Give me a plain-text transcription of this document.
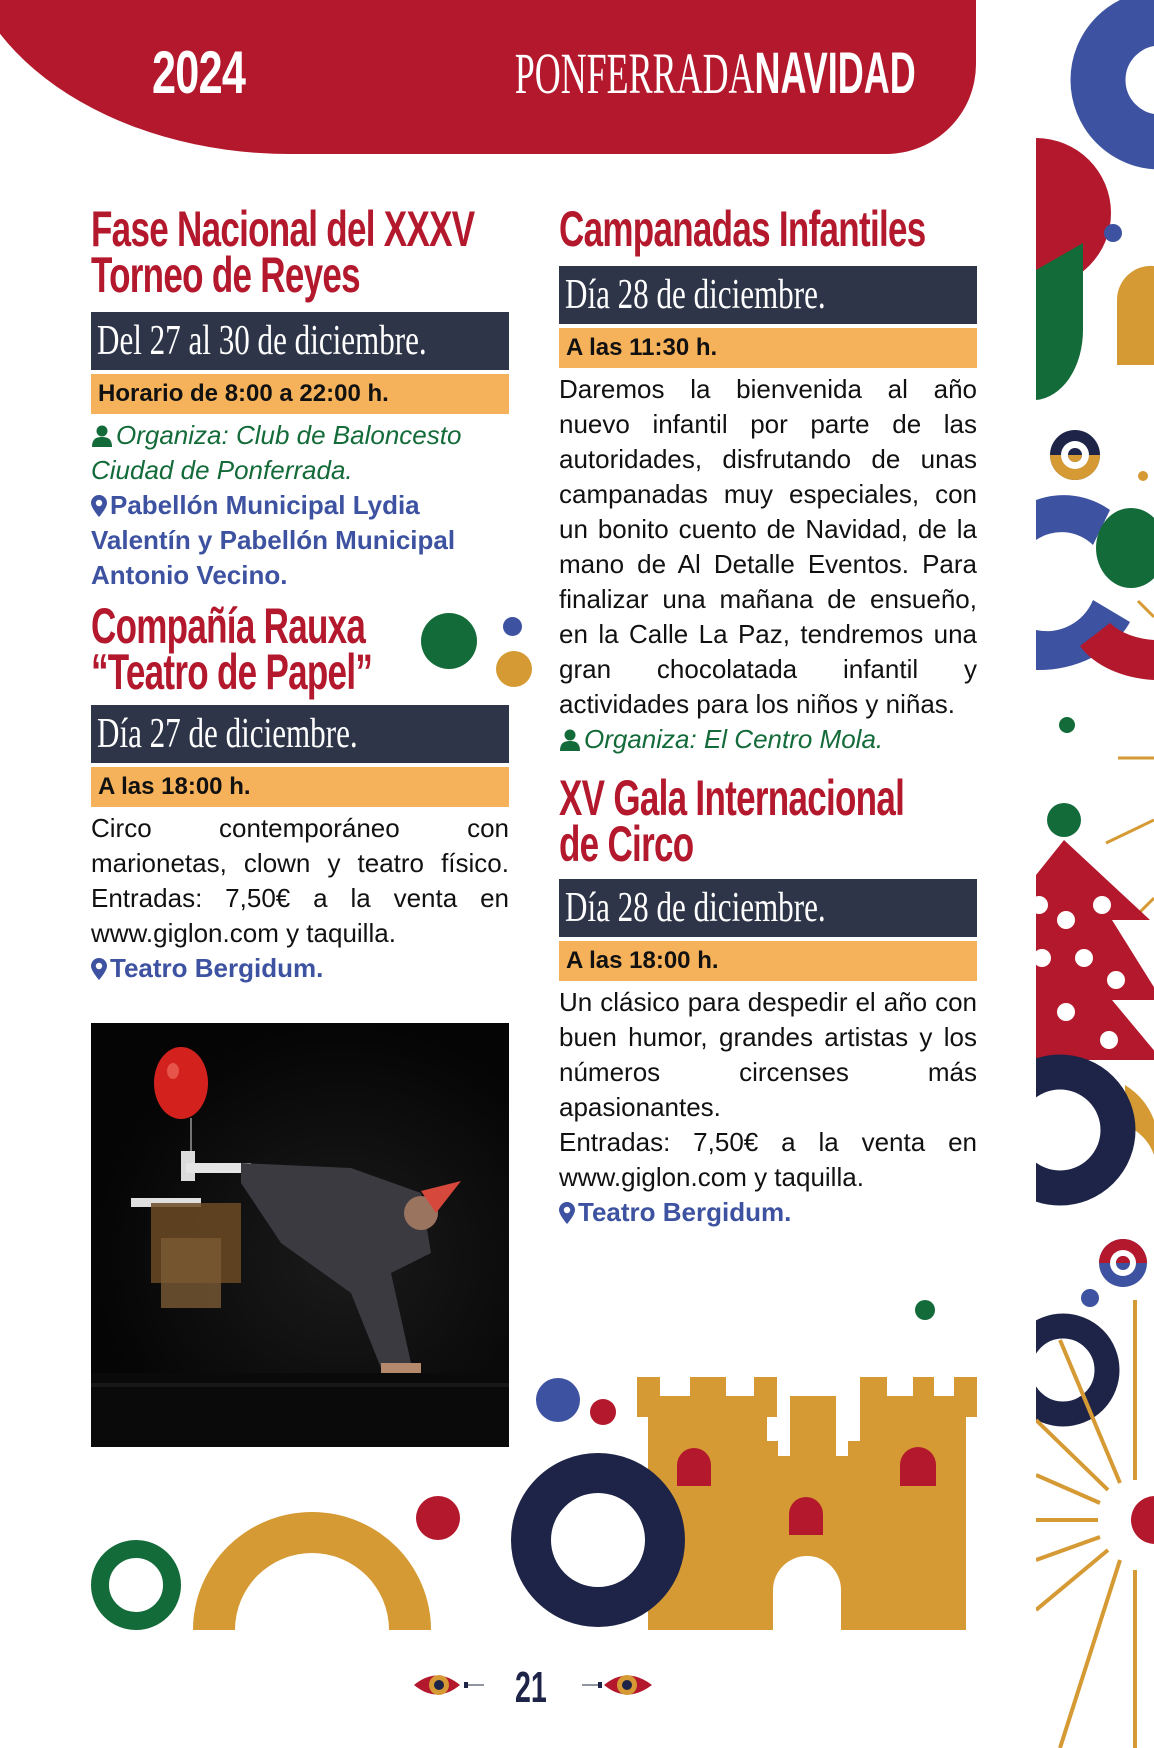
2024	PONFERRADANAVIDAD
Fase Nacional del XXXV
Torneo de Reyes
Del 27 al 30 de diciembre.
Horario de 8:00 a 22:00 h.
Organiza: Club de Baloncesto Ciudad de Ponferrada.
Pabellón Municipal Lydia Valentín y Pabellón Municipal Antonio Vecino.
Compañía Rauxa
“Teatro de Papel”
Día 27 de diciembre.
A las 18:00 h.
Circo contemporáneo con marionetas, clown y teatro físico. Entradas: 7,50€ a la venta en www.giglon.com y taquilla.
Teatro Bergidum.
Campanadas Infantiles
Día 28 de diciembre.
A las 11:30 h.
Daremos la bienvenida al año nuevo infantil por parte de las autoridades, disfrutando de unas campanadas muy especiales, con un bonito cuento de Navidad, de la mano de Al Detalle Eventos. Para finalizar una mañana de ensueño, en la Calle La Paz, tendremos una gran chocolatada infantil y actividades para los niños y niñas.
Organiza: El Centro Mola.
XV Gala Internacional
de Circo
Día 28 de diciembre.
A las 18:00 h.
Un clásico para despedir el año con buen humor, grandes artistas y los números circenses más apasionantes.
Entradas: 7,50€ a la venta en www.giglon.com y taquilla.
Teatro Bergidum.
21
